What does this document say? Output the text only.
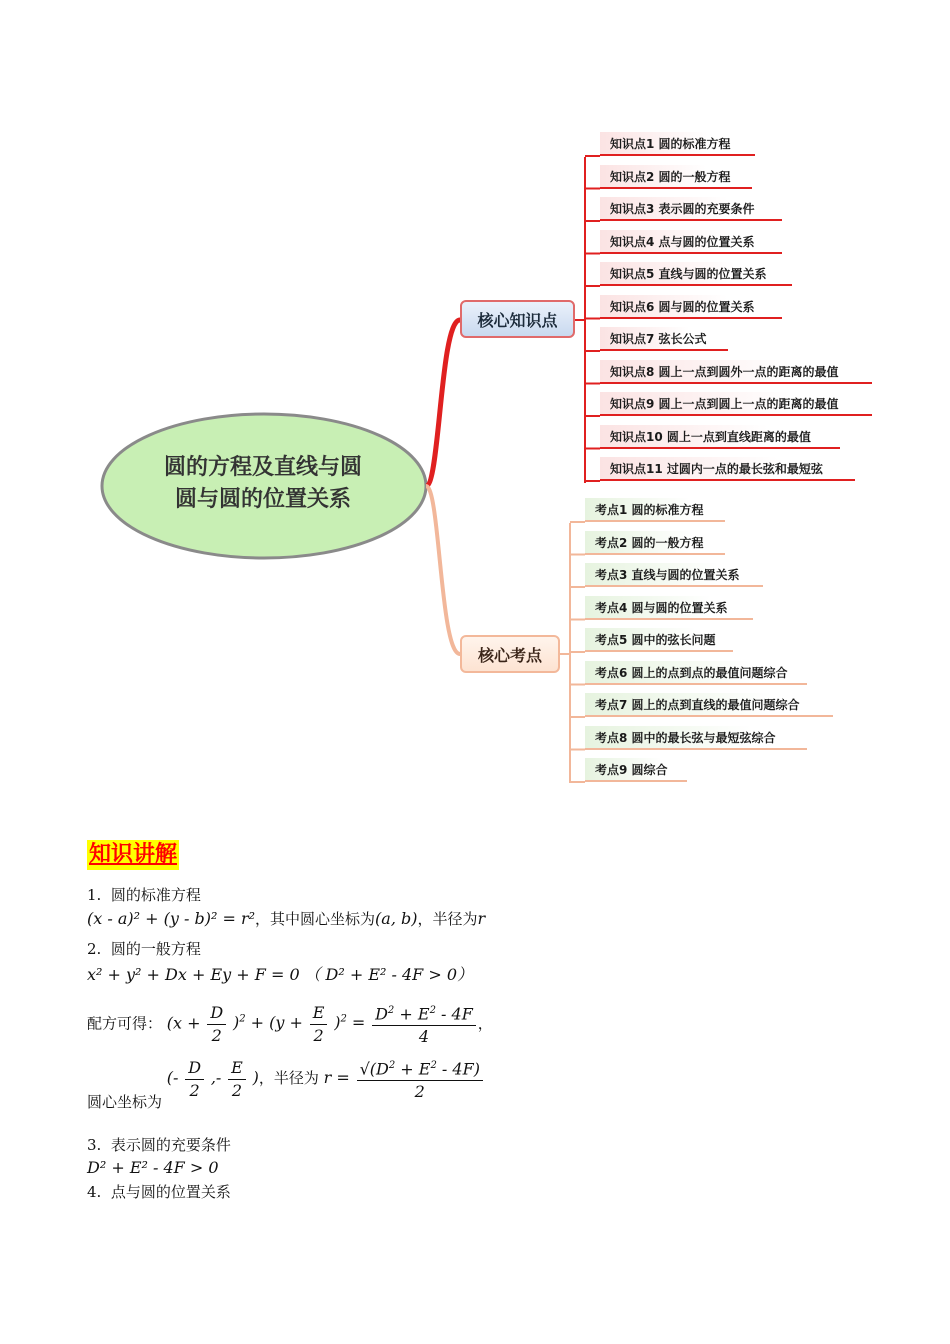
圆的方程及直线与圆
圆与圆的位置关系
核心知识点
核心考点
知识讲解
1. 圆的标准方程
(x - a)² + (y - b)² = r²，其中圆心坐标为(a, b)，半径为r
2. 圆的一般方程
x² + y² + Dx + Ey + F = 0 （ D² + E² - 4F > 0）
配方可得： $(x + \frac{D}{2} )^2 + (y + \frac{E}{2} )^2 = \frac{D^2 + E^2 - 4F}{4}$ ，
圆心坐标为 (- $\frac{D}{2}$ ,- $\frac{E}{2}$ )，半径为 $r = \frac{√(D^2 + E^2 - 4F)}{2}$
3. 表示圆的充要条件
D² + E² - 4F > 0
4. 点与圆的位置关系
知识点1 圆的标准方程
知识点2 圆的一般方程
知识点3 表示圆的充要条件
知识点4 点与圆的位置关系
知识点5 直线与圆的位置关系
知识点6 圆与圆的位置关系
知识点7 弦长公式
知识点8 圆上一点到圆外一点的距离的最值
知识点9 圆上一点到圆上一点的距离的最值
知识点10 圆上一点到直线距离的最值
知识点11 过圆内一点的最长弦和最短弦
考点1 圆的标准方程
考点2 圆的一般方程
考点3 直线与圆的位置关系
考点4 圆与圆的位置关系
考点5 圆中的弦长问题
考点6 圆上的点到点的最值问题综合
考点7 圆上的点到直线的最值问题综合
考点8 圆中的最长弦与最短弦综合
考点9 圆综合
